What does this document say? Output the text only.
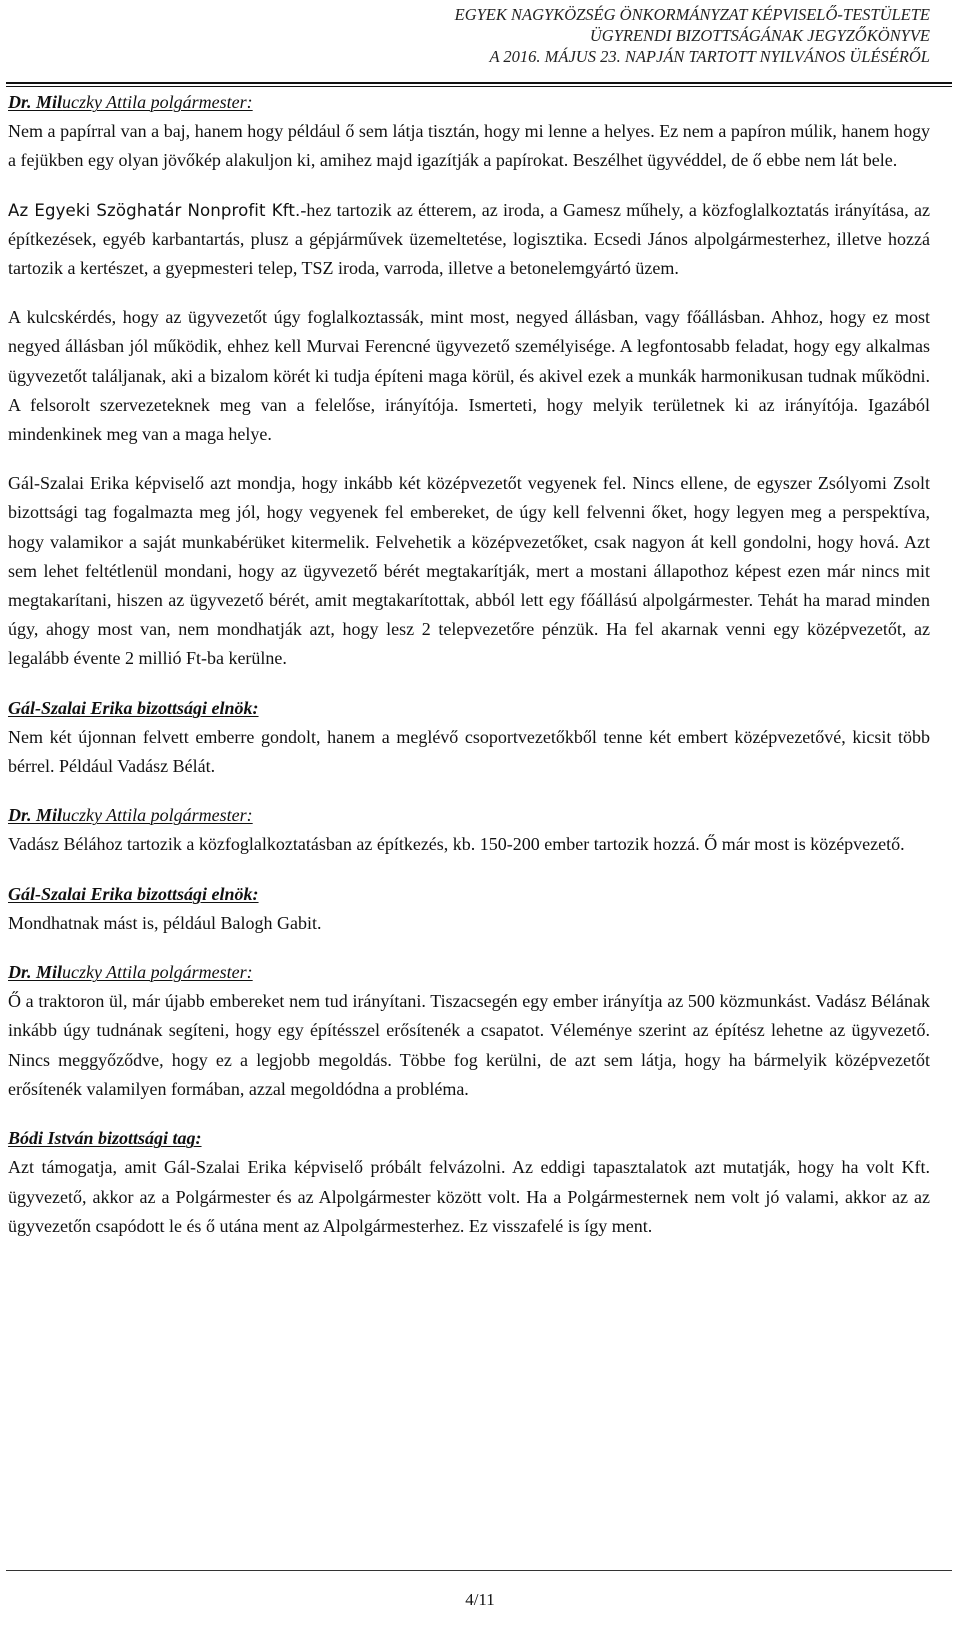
EGYEK NAGYKÖZSÉG ÖNKORMÁNYZAT KÉPVISELŐ-TESTÜLETE
ÜGYRENDI BIZOTTSÁGÁNAK JEGYZŐKÖNYVE
A 2016. MÁJUS 23. NAPJÁN TARTOTT NYILVÁNOS ÜLÉSÉRŐL
Dr. Miluczky Attila polgármester:
Nem a papírral van a baj, hanem hogy például ő sem látja tisztán, hogy mi lenne a helyes. Ez nem a papíron múlik, hanem hogy a fejükben egy olyan jövőkép alakuljon ki, amihez majd igazítják a papírokat. Beszélhet ügyvéddel, de ő ebbe nem lát bele.
Az Egyeki Szöghatár Nonprofit Kft.-hez tartozik az étterem, az iroda, a Gamesz műhely, a közfoglalkoztatás irányítása, az építkezések, egyéb karbantartás, plusz a gépjárművek üzemeltetése, logisztika. Ecsedi János alpolgármesterhez, illetve hozzá tartozik a kertészet, a gyepmesteri telep, TSZ iroda, varroda, illetve a betonelemgyártó üzem.
A kulcskérdés, hogy az ügyvezetőt úgy foglalkoztassák, mint most, negyed állásban, vagy főállásban. Ahhoz, hogy ez most negyed állásban jól működik, ehhez kell Murvai Ferencné ügyvezető személyisége. A legfontosabb feladat, hogy egy alkalmas ügyvezetőt találjanak, aki a bizalom körét ki tudja építeni maga körül, és akivel ezek a munkák harmonikusan tudnak működni. A felsorolt szervezeteknek meg van a felelőse, irányítója. Ismerteti, hogy melyik területnek ki az irányítója. Igazából mindenkinek meg van a maga helye.
Gál-Szalai Erika képviselő azt mondja, hogy inkább két középvezetőt vegyenek fel. Nincs ellene, de egyszer Zsólyomi Zsolt bizottsági tag fogalmazta meg jól, hogy vegyenek fel embereket, de úgy kell felvenni őket, hogy legyen meg a perspektíva, hogy valamikor a saját munkabérüket kitermelik. Felvehetik a középvezetőket, csak nagyon át kell gondolni, hogy hová. Azt sem lehet feltétlenül mondani, hogy az ügyvezető bérét megtakarítják, mert a mostani állapothoz képest ezen már nincs mit megtakarítani, hiszen az ügyvezető bérét, amit megtakarítottak, abból lett egy főállású alpolgármester. Tehát ha marad minden úgy, ahogy most van, nem mondhatják azt, hogy lesz 2 telepvezetőre pénzük. Ha fel akarnak venni egy középvezetőt, az legalább évente 2 millió Ft-ba kerülne.
Gál-Szalai Erika bizottsági elnök:
Nem két újonnan felvett emberre gondolt, hanem a meglévő csoportvezetőkből tenne két embert középvezetővé, kicsit több bérrel. Például Vadász Bélát.
Dr. Miluczky Attila polgármester:
Vadász Bélához tartozik a közfoglalkoztatásban az építkezés, kb. 150-200 ember tartozik hozzá. Ő már most is középvezető.
Gál-Szalai Erika bizottsági elnök:
Mondhatnak mást is, például Balogh Gabit.
Dr. Miluczky Attila polgármester:
Ő a traktoron ül, már újabb embereket nem tud irányítani. Tiszacsegén egy ember irányítja az 500 közmunkást. Vadász Bélának inkább úgy tudnának segíteni, hogy egy építésszel erősítenék a csapatot. Véleménye szerint az építész lehetne az ügyvezető. Nincs meggyőződve, hogy ez a legjobb megoldás. Többe fog kerülni, de azt sem látja, hogy ha bármelyik középvezetőt erősítenék valamilyen formában, azzal megoldódna a probléma.
Bódi István bizottsági tag:
Azt támogatja, amit Gál-Szalai Erika képviselő próbált felvázolni. Az eddigi tapasztalatok azt mutatják, hogy ha volt Kft. ügyvezető, akkor az a Polgármester és az Alpolgármester között volt. Ha a Polgármesternek nem volt jó valami, akkor az az ügyvezetőn csapódott le és ő utána ment az Alpolgármesterhez. Ez visszafelé is így ment.
4/11
